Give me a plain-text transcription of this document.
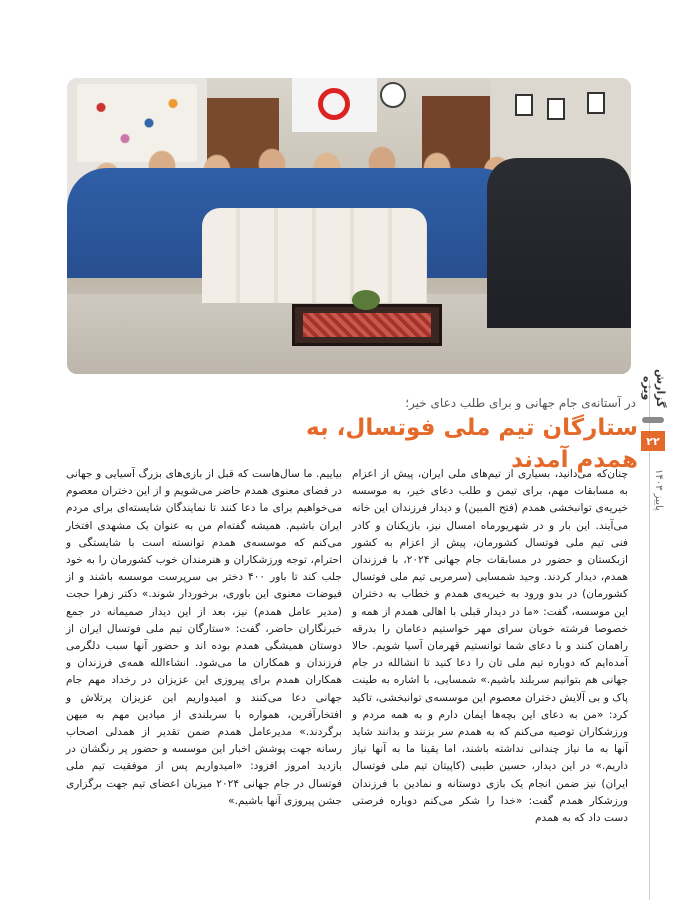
گزارش ویژه
۲۲
پاییز ۱۴۰۳
در آستانه‌ی جام جهانی و برای طلب دعای خیر؛
ستارگان تیم ملی فوتسال، به همدم آمدند

چنان‌که می‌دانید، بسیاری از تیم‌های ملی ایران، پیش از اعزام به مسابقات مهم، برای تیمن و طلب دعای خیر، به موسسه خیریه‌ی توانبخشی همدم (فتح المبین) و دیدار فرزندان این خانه می‌آیند. این بار و در شهریورماه امسال نیز، بازیکنان و کادر فنی تیم ملی فوتسال کشورمان، پیش از اعزام به کشور ازبکستان و حضور در مسابقات جام جهانی ۲۰۲۴، با فرزندان همدم، دیدار کردند. وحید شمسایی (سرمربی تیم ملی فوتسال کشورمان) در بدو ورود به خیریه‌ی همدم و خطاب به دختران این موسسه، گفت: «ما در دیدار قبلی با اهالی همدم از همه و خصوصا فرشته خوبان سرای مهر خواستیم دعامان را بدرقه راهمان کنند و با دعای شما توانستیم قهرمان آسیا شویم. حالا آمده‌ایم که دوباره تیم ملی تان را دعا کنید تا انشالله در جام جهانی هم بتوانیم سربلند باشیم.» شمسایی، با اشاره به طینت پاک و بی آلایش دختران معصوم این موسسه‌ی توانبخشی، تاکید کرد: «من به دعای این بچه‌ها ایمان دارم و به همه مردم و ورزشکاران توصیه می‌کنم که به همدم سر بزنند و بدانند شاید آنها به ما نیاز چندانی نداشته باشند، اما یقینا ما به آنها نیاز داریم.» در این دیدار، حسین طیبی (کاپیتان تیم ملی فوتسال ایران) نیز ضمن انجام یک بازی دوستانه و نمادین با فرزندان ورزشکار همدم گفت: «خدا را شکر می‌کنم دوباره فرصتی دست داد که به همدم

بیاییم. ما سال‌هاست که قبل از بازی‌های بزرگ آسیایی و جهانی در فضای معنوی همدم حاضر می‌شویم و از این دختران معصوم می‌خواهیم برای ما دعا کنند تا نمایندگان شایسته‌ای برای مردم ایران باشیم. همیشه گفته‌ام من به عنوان یک مشهدی افتخار می‌کنم که موسسه‌ی همدم توانسته است با شایستگی و احترام، توجه ورزشکاران و هنرمندان خوب کشورمان را به خود جلب کند تا باور ۴۰۰ دختر بی سرپرست موسسه باشند و از فیوضات معنوی این باوری، برخوردار شوند.» دکتر زهرا حجت (مدیر عامل همدم) نیز، بعد از این دیدار صمیمانه در جمع خبرنگاران حاضر، گفت: «ستارگان تیم ملی فوتسال ایران از دوستان همیشگی همدم بوده اند و حضور آنها سبب دلگرمی فرزندان و همکاران ما می‌شود. انشاءالله همه‌ی فرزندان و همکاران همدم برای پیروزی این عزیزان در رخداد مهم جام جهانی دعا می‌کنند و امیدواریم این عزیزان پرتلاش و افتخارآفرین، همواره با سربلندی از میادین مهم به میهن برگردند.» مدیرعامل همدم ضمن تقدیر از همدلی اصحاب رسانه جهت پوشش اخبار این موسسه و حضور پر رنگشان در بازدید امروز افزود: «امیدواریم پس از موفقیت تیم ملی فوتسال در جام جهانی ۲۰۲۴ میزبان اعضای تیم جهت برگزاری جشن پیروزی آنها باشیم.»
